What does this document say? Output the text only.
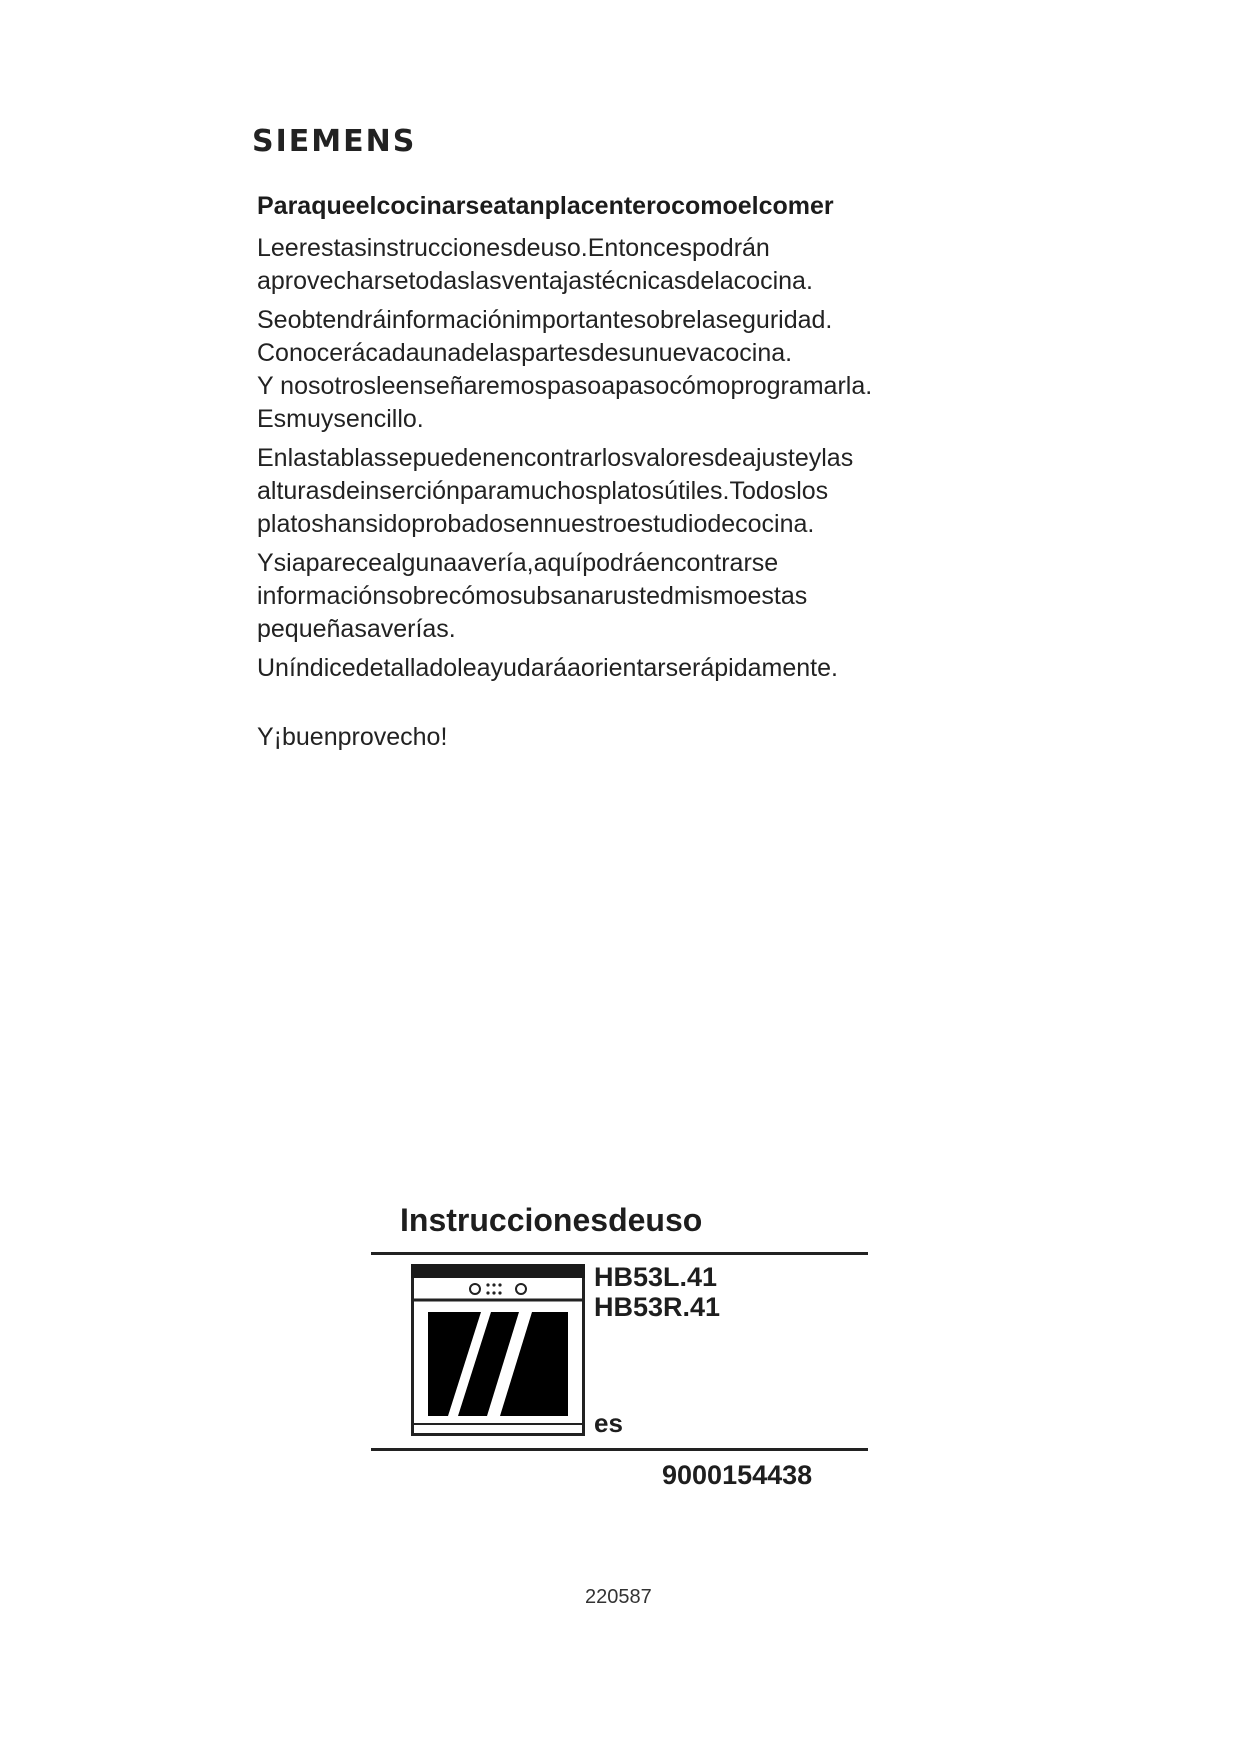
SIEMENS
Paraqueelcocinarseatanplacenterocomoelcomer

Leerestasinstruccionesdeuso.Entoncespodrán
aprovecharsetodaslasventajastécnicasdelacocina.

Seobtendráinformaciónimportantesobrelaseguridad.
Conocerácadaunadelaspartesdesunuevacocina.
Y nosotrosleenseñaremospasoapasocómoprogramarla.
Esmuysencillo.

Enlastablassepuedenencontrarlosvaloresdeajusteylas
alturasdeinserciónparamuchosplatosútiles.Todoslos
platoshansidoprobadosennuestroestudiodecocina.

Ysiaparecealgunaavería,aquípodráencontrarse
informaciónsobrecómosubsanarustedmismoestas
pequeñasaverías.

Uníndicedetalladoleayudaráaorientarserápidamente.

Y¡buenprovecho!

Instruccionesdeuso
HB53L.41
HB53R.41
es
9000154438
220587
